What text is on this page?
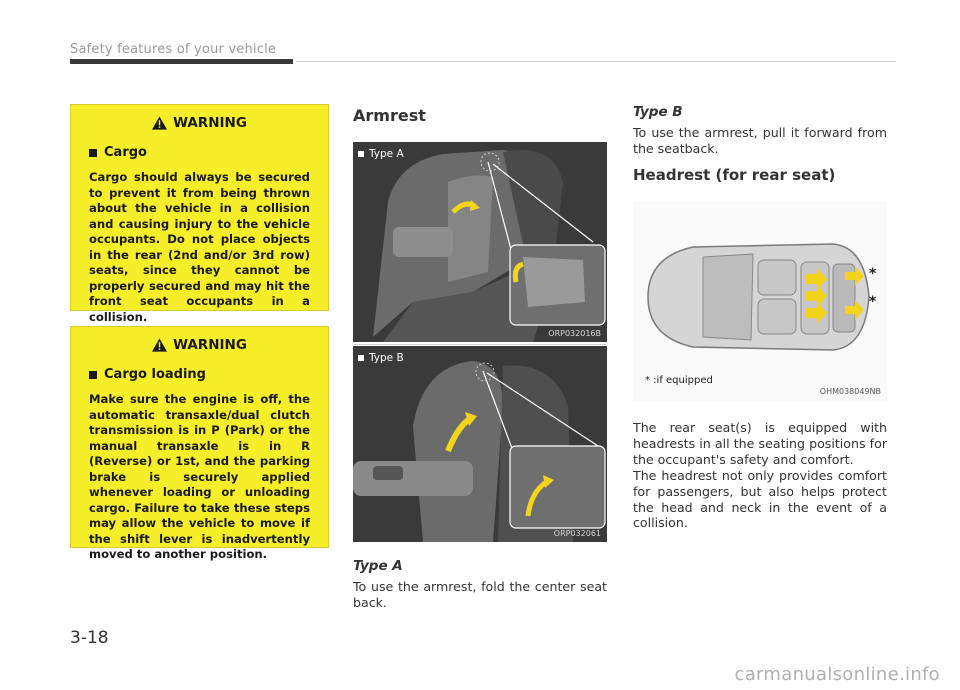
Safety features of your vehicle
WARNING
Cargo
Cargo should always be secured to prevent it from being thrown about the vehicle in a collision and causing injury to the vehicle occupants. Do not place objects in the rear (2nd and/or 3rd row) seats, since they cannot be properly secured and may hit the front seat occupants in a collision.
WARNING
Cargo loading
Make sure the engine is off, the automatic transaxle/dual clutch transmission is in P (Park) or the manual transaxle is in R (Reverse) or 1st, and the parking brake is securely applied whenever loading or unloading cargo. Failure to take these steps may allow the vehicle to move if the shift lever is inadvertently moved to another position.
Armrest
Type A
ORP032016B
Type B
ORP032061
Type A

To use the armrest, fold the center seat back.

Type B

To use the armrest, pull it forward from the seatback.

Headrest (for rear seat)
*
*
* :if equipped
OHM038049NB

The rear seat(s) is equipped with headrests in all the seating positions for the occupant's safety and comfort.

The headrest not only provides comfort for passengers, but also helps protect the head and neck in the event of a collision.

3-18
carmanualsonline.info
